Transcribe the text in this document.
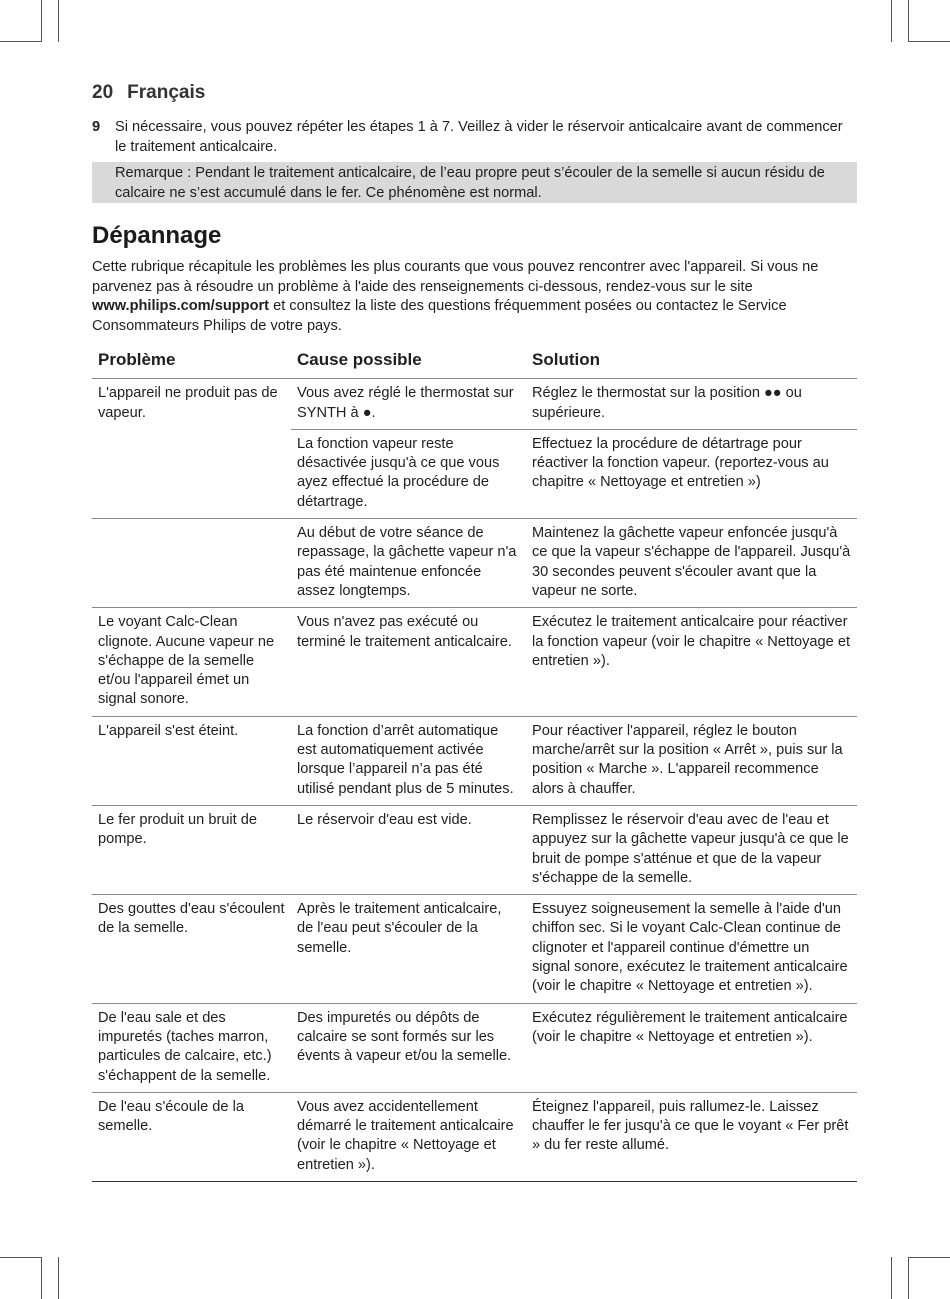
20 Français
9 Si nécessaire, vous pouvez répéter les étapes 1 à 7. Veillez à vider le réservoir anticalcaire avant de commencer le traitement anticalcaire.
Remarque : Pendant le traitement anticalcaire, de l’eau propre peut s’écouler de la semelle si aucun résidu de calcaire ne s’est accumulé dans le fer. Ce phénomène est normal.
Dépannage
Cette rubrique récapitule les problèmes les plus courants que vous pouvez rencontrer avec l'appareil. Si vous ne parvenez pas à résoudre un problème à l'aide des renseignements ci-dessous, rendez-vous sur le site www.philips.com/support et consultez la liste des questions fréquemment posées ou contactez le Service Consommateurs Philips de votre pays.
Problème	Cause possible	Solution
L'appareil ne produit pas de vapeur.	Vous avez réglé le thermostat sur SYNTH à ●.	Réglez le thermostat sur la position ●● ou supérieure.
	La fonction vapeur reste désactivée jusqu'à ce que vous ayez effectué la procédure de détartrage.	Effectuez la procédure de détartrage pour réactiver la fonction vapeur. (reportez-vous au chapitre « Nettoyage et entretien »)
	Au début de votre séance de repassage, la gâchette vapeur n'a pas été maintenue enfoncée assez longtemps.	Maintenez la gâchette vapeur enfoncée jusqu'à ce que la vapeur s'échappe de l'appareil. Jusqu'à 30 secondes peuvent s'écouler avant que la vapeur ne sorte.
Le voyant Calc-Clean clignote. Aucune vapeur ne s'échappe de la semelle et/ou l'appareil émet un signal sonore.	Vous n'avez pas exécuté ou terminé le traitement anticalcaire.	Exécutez le traitement anticalcaire pour réactiver la fonction vapeur (voir le chapitre « Nettoyage et entretien »).
L'appareil s'est éteint.	La fonction d’arrêt automatique est automatiquement activée lorsque l’appareil n’a pas été utilisé pendant plus de 5 minutes.	Pour réactiver l'appareil, réglez le bouton marche/arrêt sur la position « Arrêt », puis sur la position « Marche ». L'appareil recommence alors à chauffer.
Le fer produit un bruit de pompe.	Le réservoir d'eau est vide.	Remplissez le réservoir d'eau avec de l'eau et appuyez sur la gâchette vapeur jusqu'à ce que le bruit de pompe s'atténue et que de la vapeur s'échappe de la semelle.
Des gouttes d'eau s'écoulent de la semelle.	Après le traitement anticalcaire, de l'eau peut s'écouler de la semelle.	Essuyez soigneusement la semelle à l'aide d'un chiffon sec. Si le voyant Calc-Clean continue de clignoter et l'appareil continue d'émettre un signal sonore, exécutez le traitement anticalcaire (voir le chapitre « Nettoyage et entretien »).
De l'eau sale et des impuretés (taches marron, particules de calcaire, etc.) s'échappent de la semelle.	Des impuretés ou dépôts de calcaire se sont formés sur les évents à vapeur et/ou la semelle.	Exécutez régulièrement le traitement anticalcaire (voir le chapitre « Nettoyage et entretien »).
De l'eau s'écoule de la semelle.	Vous avez accidentellement démarré le traitement anticalcaire (voir le chapitre « Nettoyage et entretien »).	Éteignez l'appareil, puis rallumez-le. Laissez chauffer le fer jusqu'à ce que le voyant « Fer prêt » du fer reste allumé.
